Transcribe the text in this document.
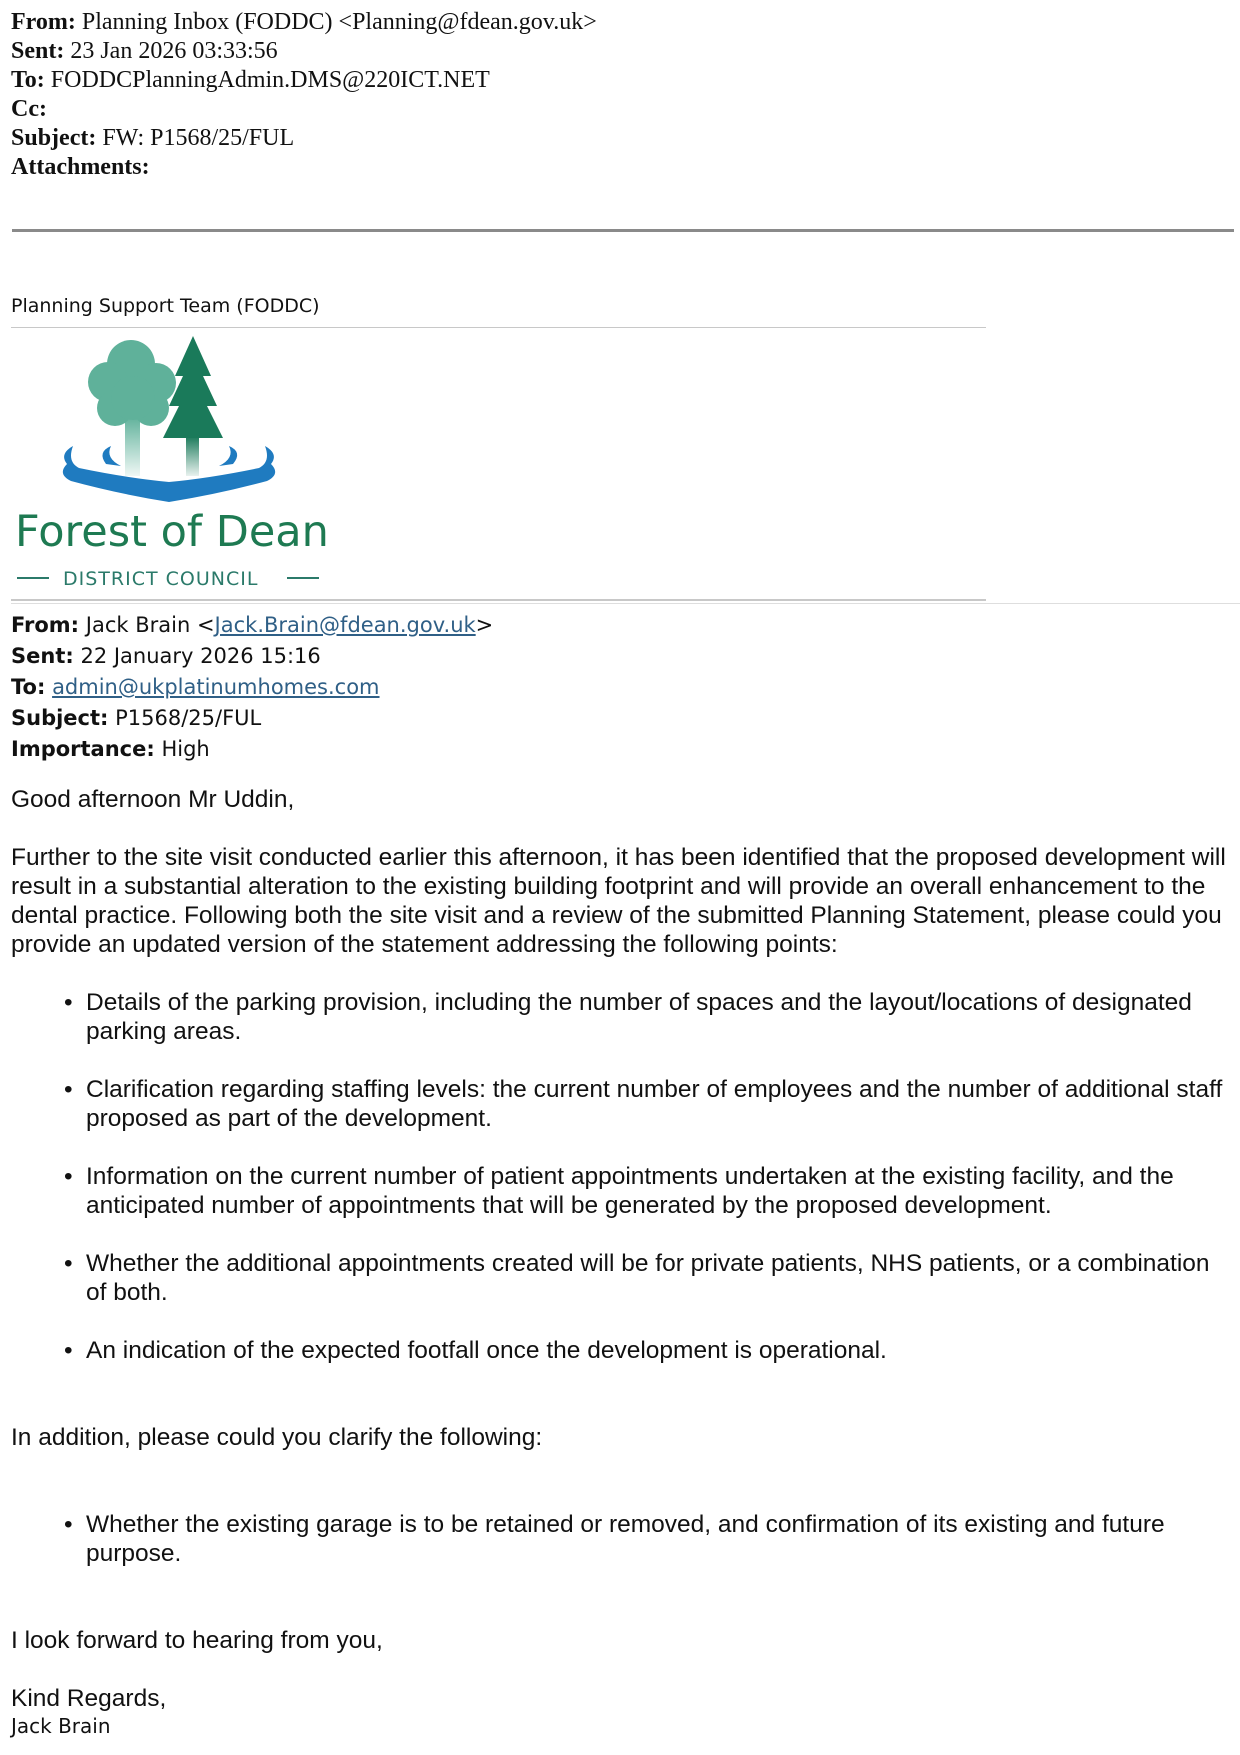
From: Planning Inbox (FODDC) <Planning@fdean.gov.uk>
Sent: 23 Jan 2026 03:33:56
To: FODDCPlanningAdmin.DMS@220ICT.NET
Cc:
Subject: FW: P1568/25/FUL
Attachments:
Planning Support Team (FODDC)
Forest of Dean
DISTRICT COUNCIL
From: Jack Brain <Jack.Brain@fdean.gov.uk>
Sent: 22 January 2026 15:16
To: admin@ukplatinumhomes.com
Subject: P1568/25/FUL
Importance: High

Good afternoon Mr Uddin,

Further to the site visit conducted earlier this afternoon, it has been identified that the proposed development will result in a substantial alteration to the existing building footprint and will provide an overall enhancement to the dental practice. Following both the site visit and a review of the submitted Planning Statement, please could you provide an updated version of the statement addressing the following points:

• Details of the parking provision, including the number of spaces and the layout/locations of designated parking areas.
• Clarification regarding staffing levels: the current number of employees and the number of additional staff proposed as part of the development.
• Information on the current number of patient appointments undertaken at the existing facility, and the anticipated number of appointments that will be generated by the proposed development.
• Whether the additional appointments created will be for private patients, NHS patients, or a combination of both.
• An indication of the expected footfall once the development is operational.

In addition, please could you clarify the following:

• Whether the existing garage is to be retained or removed, and confirmation of its existing and future purpose.

I look forward to hearing from you,

Kind Regards,

Jack Brain
